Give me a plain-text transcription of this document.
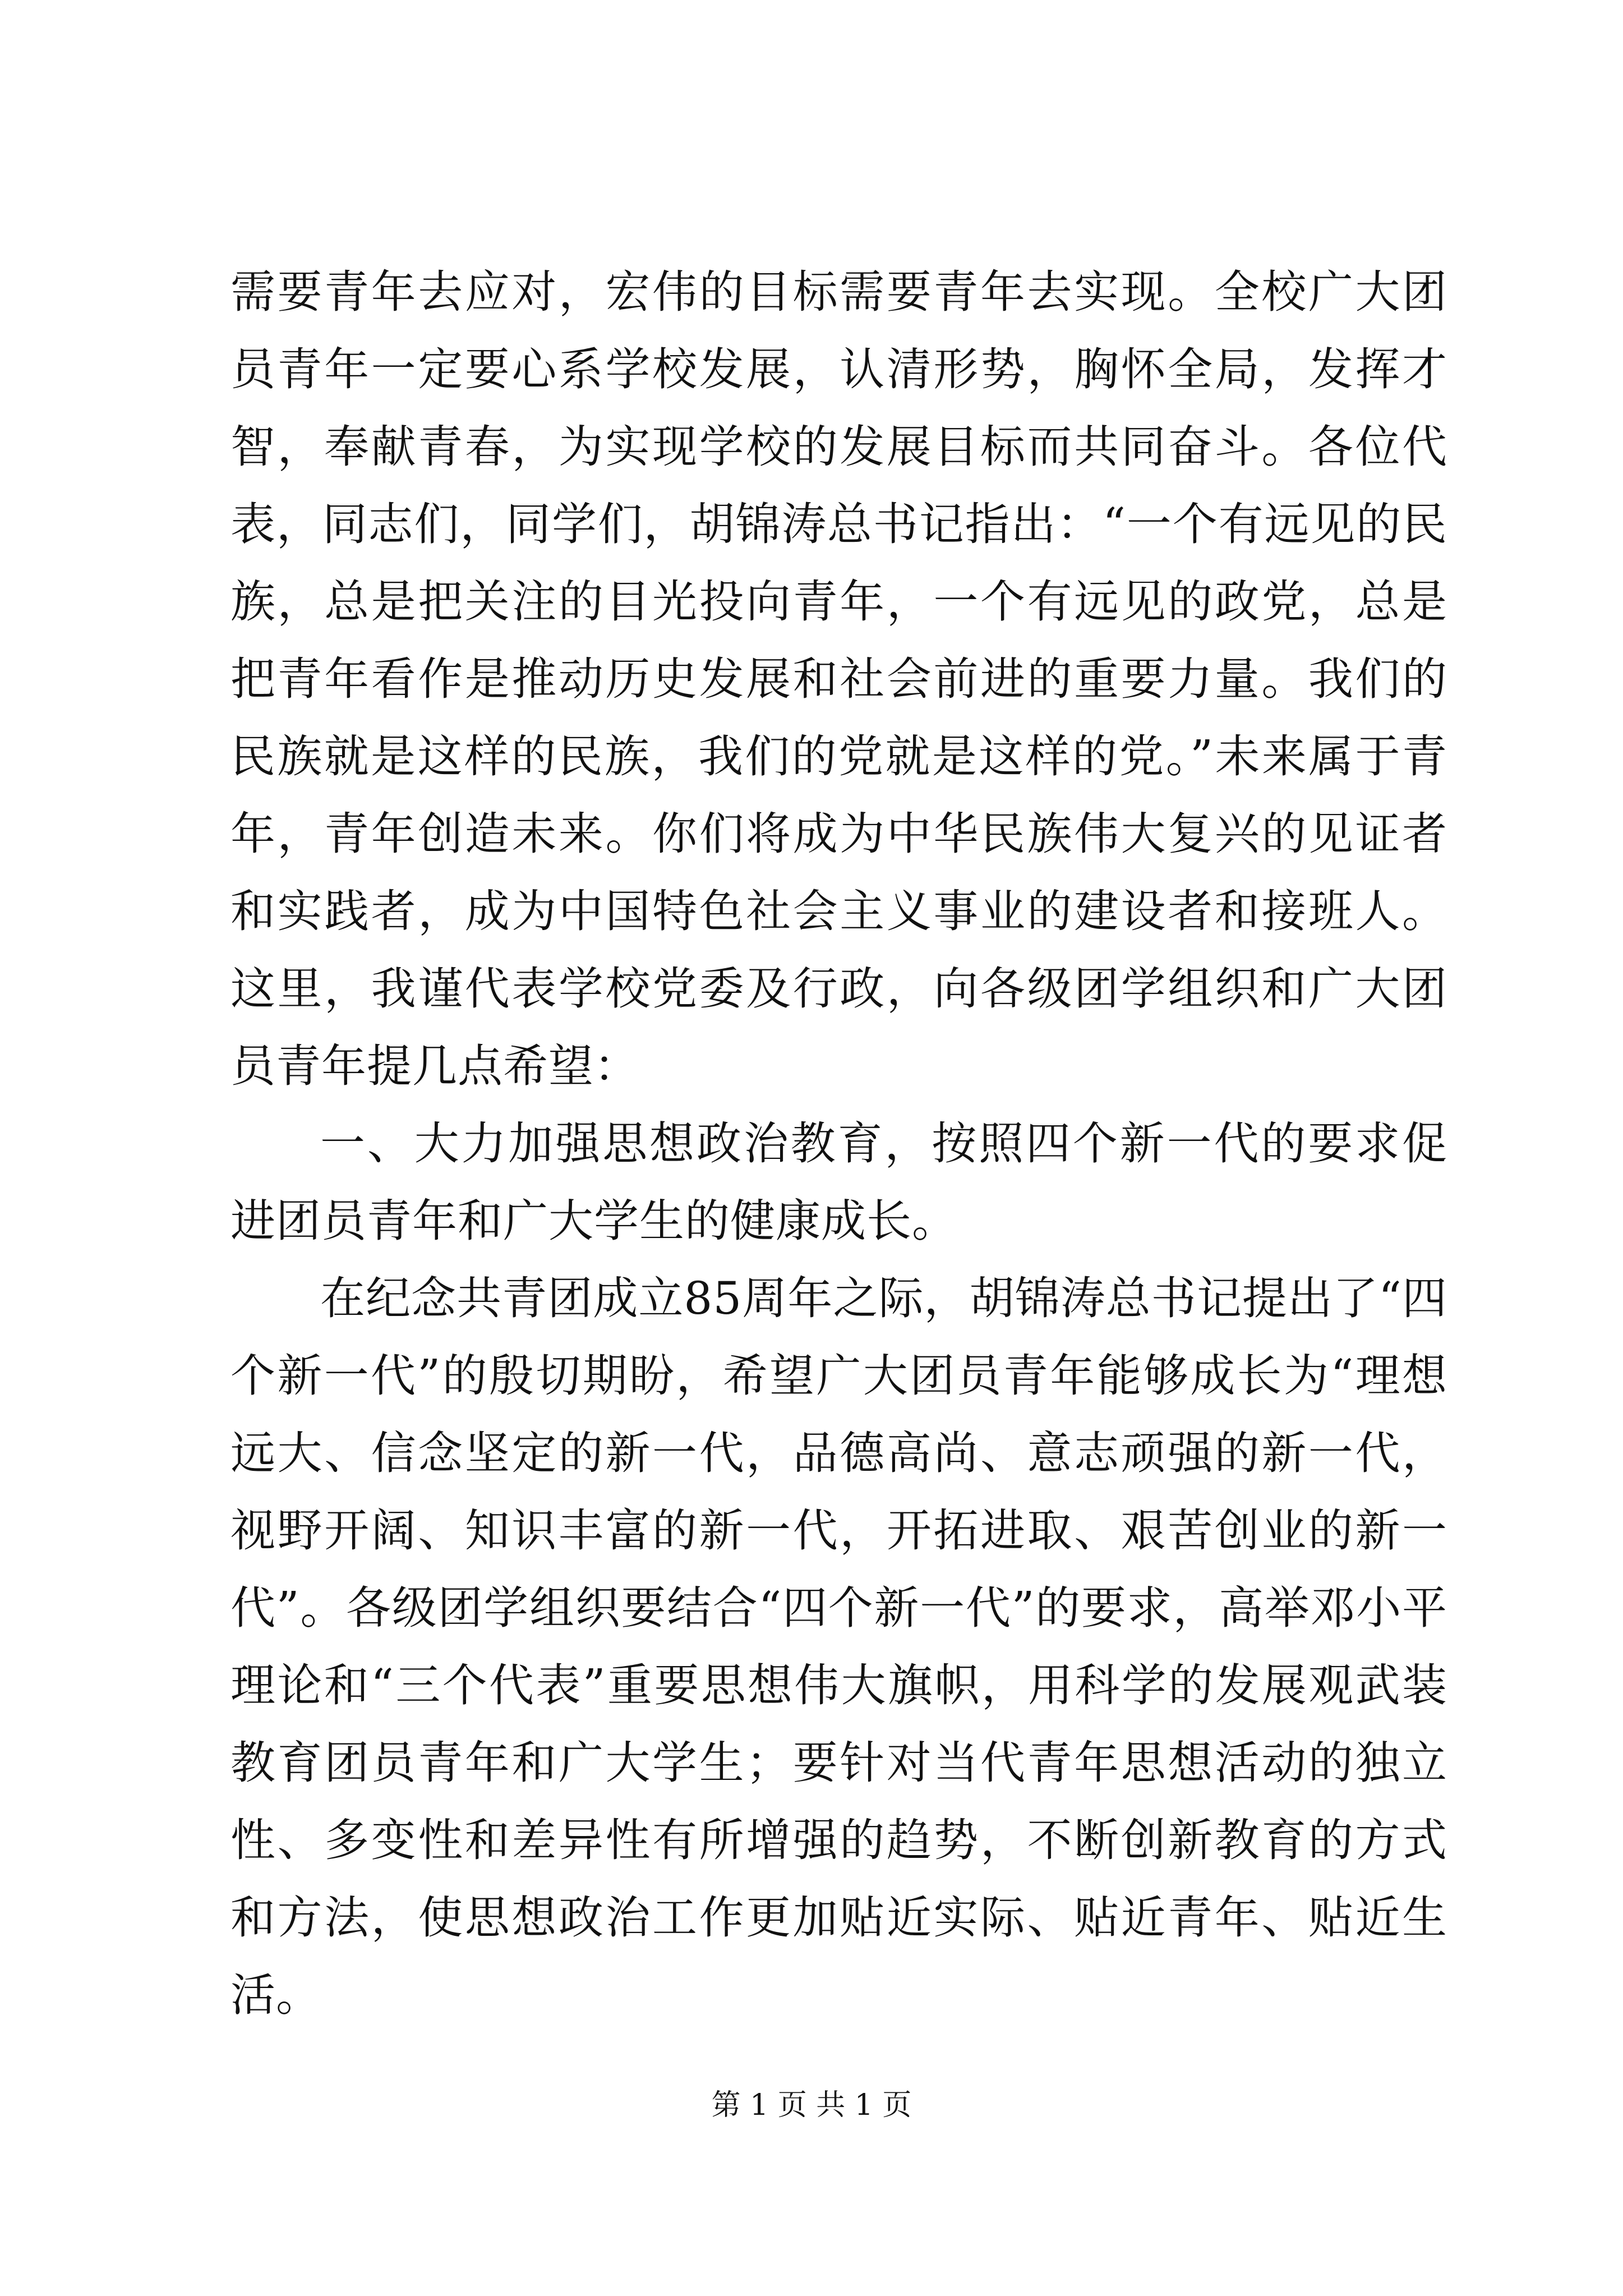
需要青年去应对，宏伟的目标需要青年去实现。全校广大团员青年一定要心系学校发展，认清形势，胸怀全局，发挥才智，奉献青春，为实现学校的发展目标而共同奋斗。各位代表，同志们，同学们，胡锦涛总书记指出：“一个有远见的民族，总是把关注的目光投向青年，一个有远见的政党，总是把青年看作是推动历史发展和社会前进的重要力量。我们的民族就是这样的民族，我们的党就是这样的党。”未来属于青年，青年创造未来。你们将成为中华民族伟大复兴的见证者和实践者，成为中国特色社会主义事业的建设者和接班人。这里，我谨代表学校党委及行政，向各级团学组织和广大团员青年提几点希望：

一、大力加强思想政治教育，按照四个新一代的要求促进团员青年和广大学生的健康成长。

在纪念共青团成立85周年之际，胡锦涛总书记提出了“四个新一代”的殷切期盼，希望广大团员青年能够成长为“理想远大、信念坚定的新一代，品德高尚、意志顽强的新一代，视野开阔、知识丰富的新一代，开拓进取、艰苦创业的新一代”。各级团学组织要结合“四个新一代”的要求，高举邓小平理论和“三个代表”重要思想伟大旗帜，用科学的发展观武装教育团员青年和广大学生；要针对当代青年思想活动的独立性、多变性和差异性有所增强的趋势，不断创新教育的方式和方法，使思想政治工作更加贴近实际、贴近青年、贴近生活。

第 1 页 共 1 页
